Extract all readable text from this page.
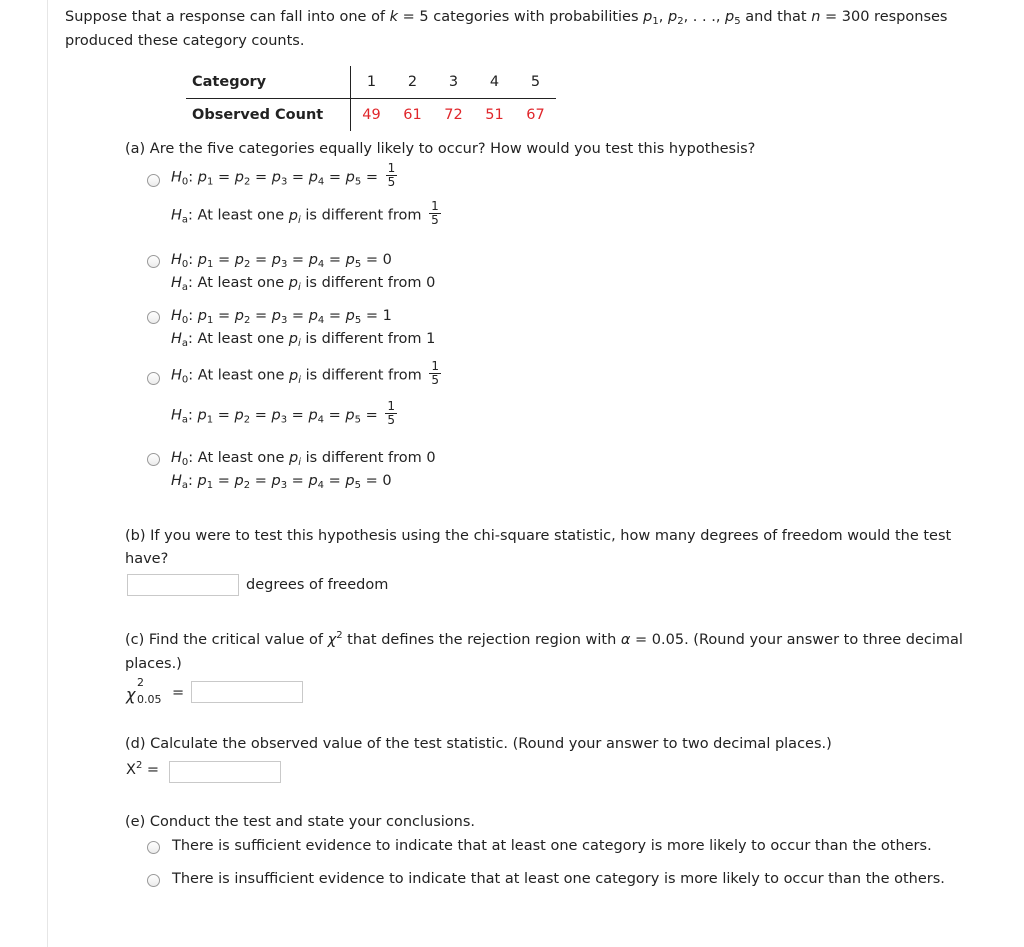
Suppose that a response can fall into one of k = 5 categories with probabilities $p_1$, $p_2$, . . ., $p_5$ and that n = 300 responses
produced these category counts.
Category	1	2	3	4	5
Observed Count	49	61	72	51	67
(a) Are the five categories equally likely to occur? How would you test this hypothesis?
$H_0$: $p_1 = p_2 = p_3 = p_4 = p_5 = \frac{1}{5}$
$H_a$: At least one $p_i$ is different from $\frac{1}{5}$
$H_0$: $p_1 = p_2 = p_3 = p_4 = p_5 = 0$
$H_a$: At least one $p_i$ is different from 0
$H_0$: $p_1 = p_2 = p_3 = p_4 = p_5 = 1$
$H_a$: At least one $p_i$ is different from 1
$H_0$: At least one $p_i$ is different from $\frac{1}{5}$
$H_a$: $p_1 = p_2 = p_3 = p_4 = p_5 = \frac{1}{5}$
$H_0$: At least one $p_i$ is different from 0
$H_a$: $p_1 = p_2 = p_3 = p_4 = p_5 = 0$
(b) If you were to test this hypothesis using the chi-square statistic, how many degrees of freedom would the test
have?
degrees of freedom
(c) Find the critical value of $\chi^2$ that defines the rejection region with α = 0.05. (Round your answer to three decimal
places.)
χ
2
0.05 =
(d) Calculate the observed value of the test statistic. (Round your answer to two decimal places.)
$X^2$ =
(e) Conduct the test and state your conclusions.
There is sufficient evidence to indicate that at least one category is more likely to occur than the others.
There is insufficient evidence to indicate that at least one category is more likely to occur than the others.
